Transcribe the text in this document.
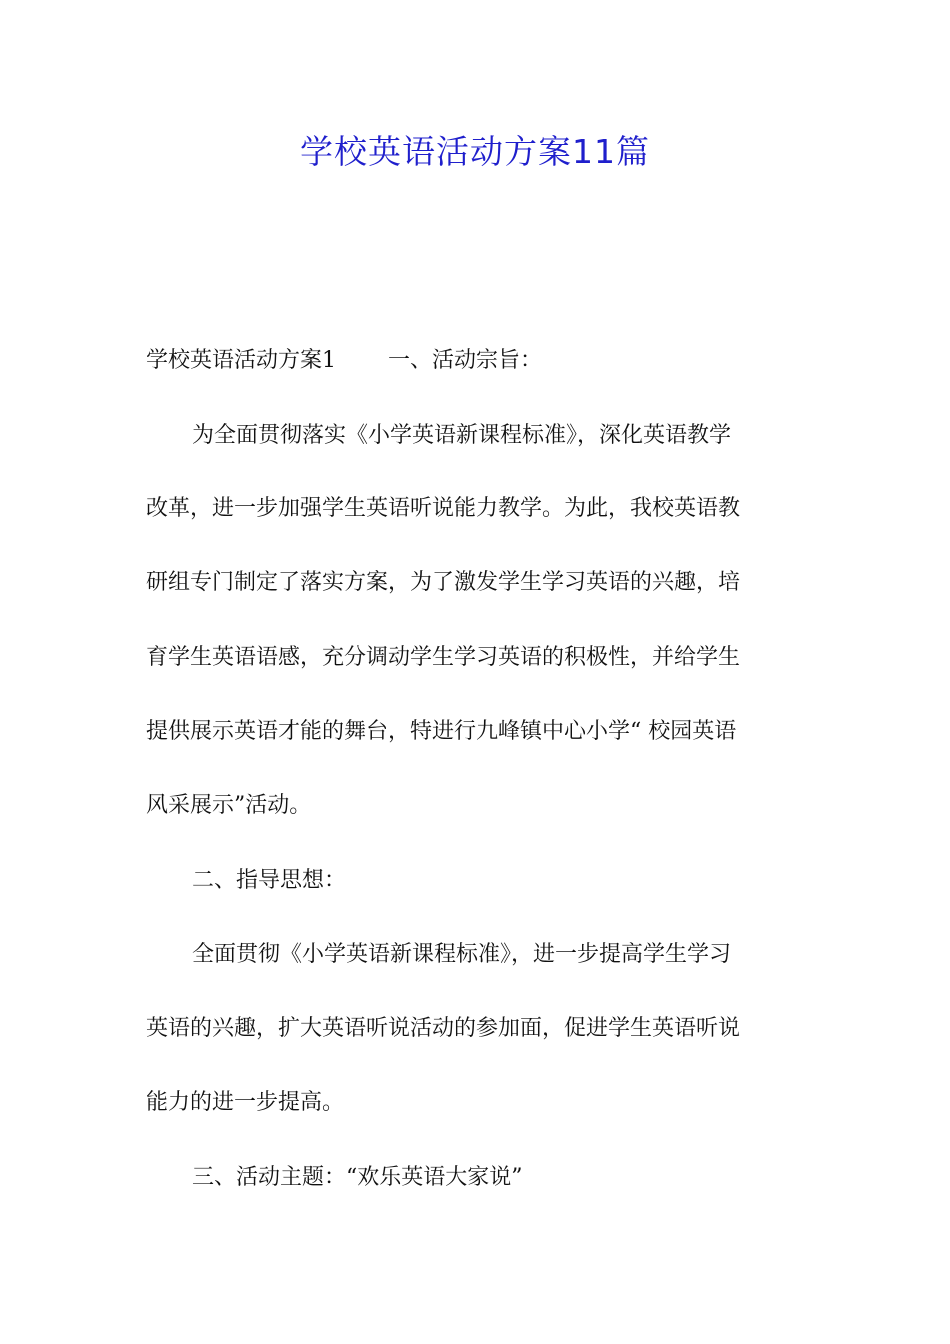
学校英语活动方案11篇

学校英语活动方案1 一、活动宗旨：

为全面贯彻落实《小学英语新课程标准》，深化英语教学

改革，进一步加强学生英语听说能力教学。为此，我校英语教

研组专门制定了落实方案，为了激发学生学习英语的兴趣，培

育学生英语语感，充分调动学生学习英语的积极性，并给学生

提供展示英语才能的舞台，特进行九峰镇中心小学“ 校园英语

风采展示”活动。

二、指导思想：

全面贯彻《小学英语新课程标准》，进一步提高学生学习

英语的兴趣，扩大英语听说活动的参加面，促进学生英语听说

能力的进一步提高。

三、活动主题：“欢乐英语大家说”
